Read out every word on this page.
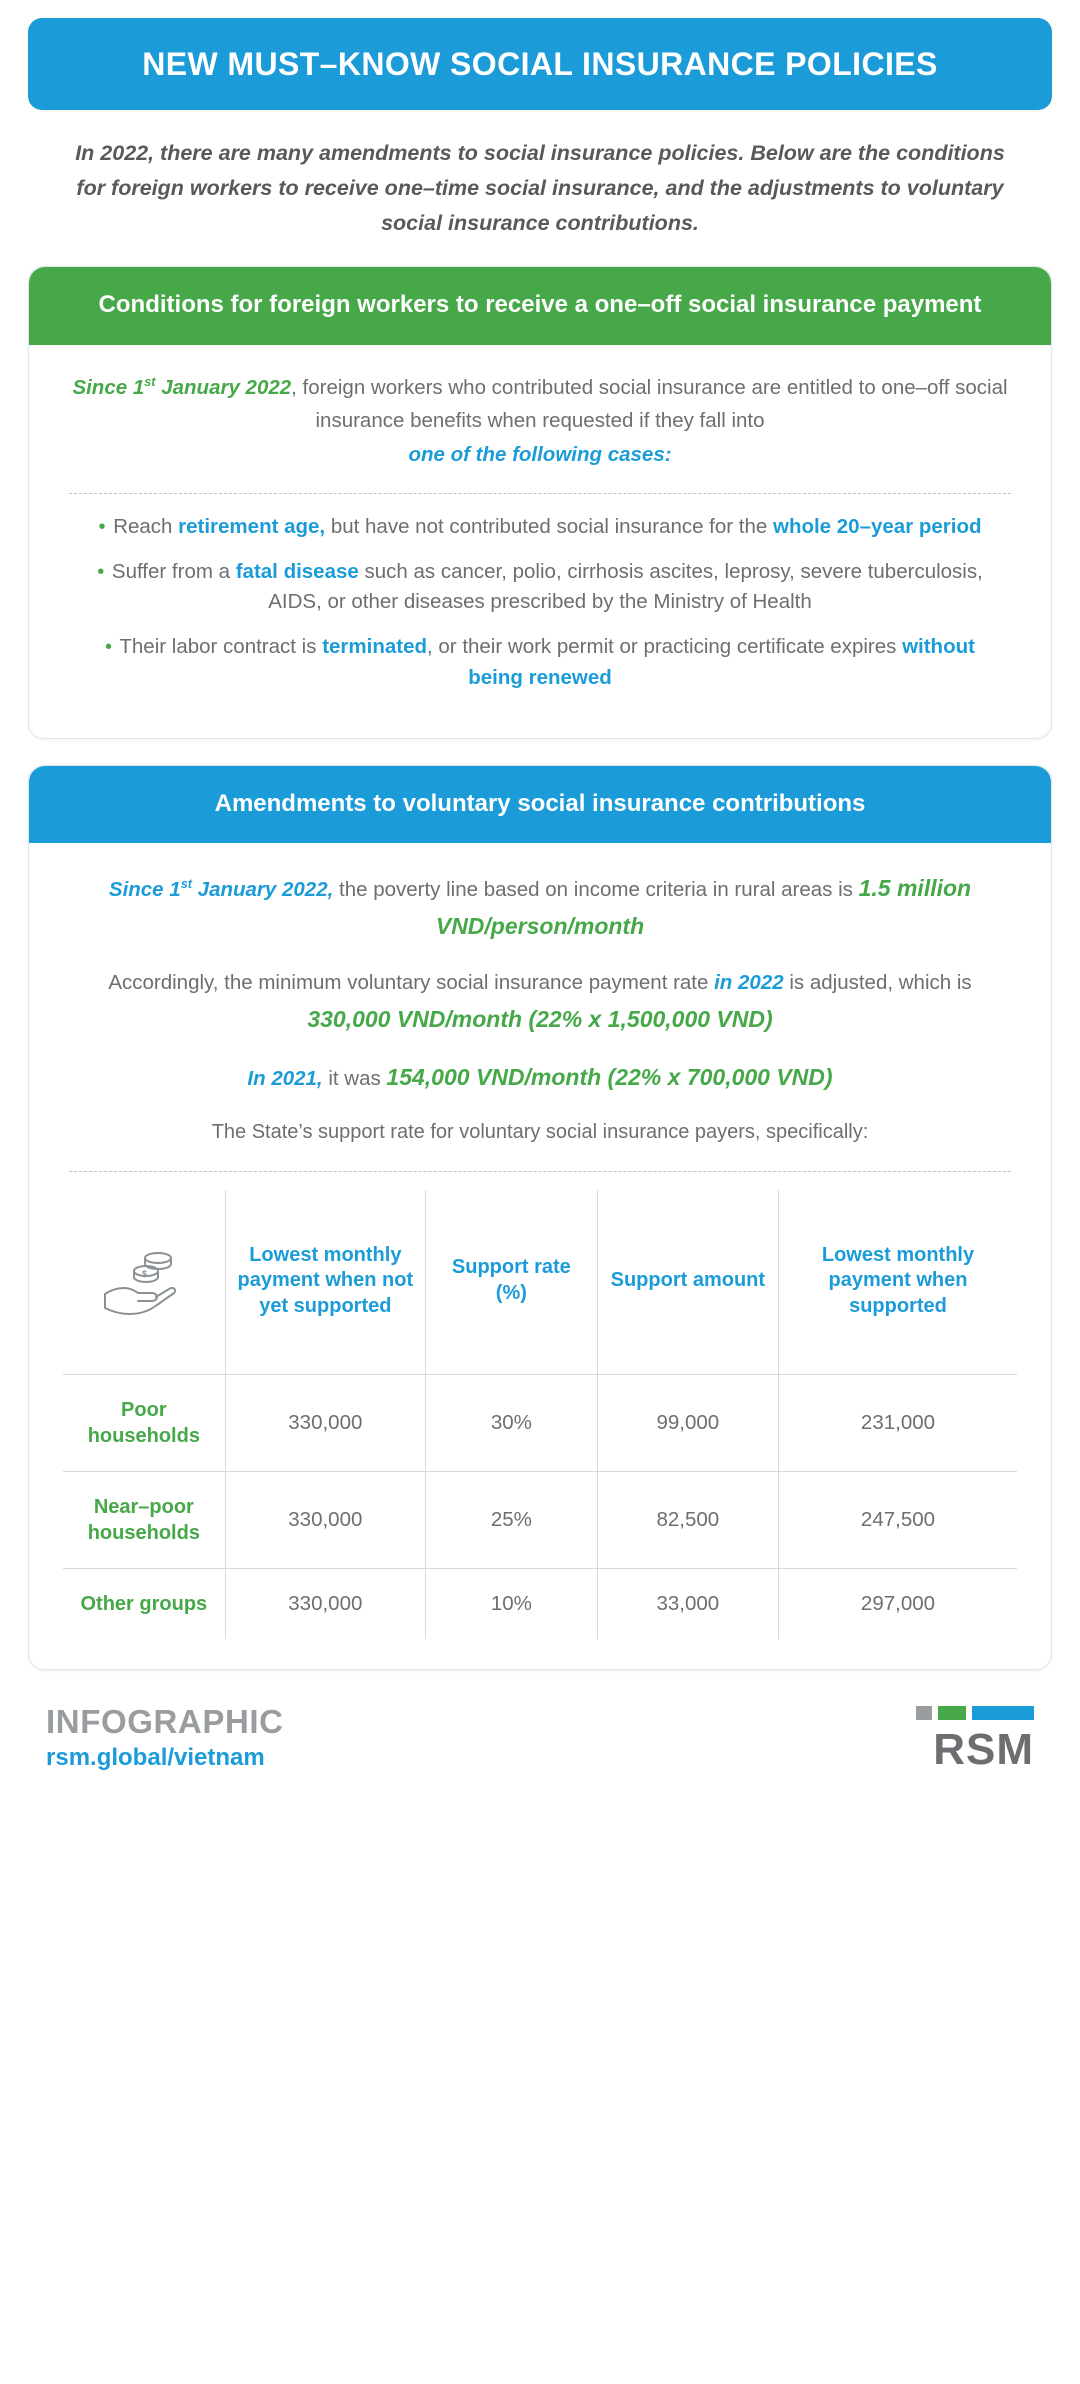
NEW MUST–KNOW SOCIAL INSURANCE POLICIES
In 2022, there are many amendments to social insurance policies. Below are the conditions for foreign workers to receive one–time social insurance, and the adjustments to voluntary social insurance contributions.
Conditions for foreign workers to receive a one–off social insurance payment
Since 1st January 2022, foreign workers who contributed social insurance are entitled to one–off social insurance benefits when requested if they fall into
one of the following cases:
• Reach retirement age, but have not contributed social insurance for the whole 20–year period
• Suffer from a fatal disease such as cancer, polio, cirrhosis ascites, leprosy, severe tuberculosis, AIDS, or other diseases prescribed by the Ministry of Health
• Their labor contract is terminated, or their work permit or practicing certificate expires without being renewed
Amendments to voluntary social insurance contributions

Since 1st January 2022, the poverty line based on income criteria in rural areas is 1.5 million VND/person/month

Accordingly, the minimum voluntary social insurance payment rate in 2022 is adjusted, which is 330,000 VND/month (22% x 1,500,000 VND)

In 2021, it was 154,000 VND/month (22% x 700,000 VND)

The State’s support rate for voluntary social insurance payers, specifically:

$	Lowest monthly payment when not yet supported	Support rate (%)	Support amount	Lowest monthly payment when supported
Poor households	330,000	30%	99,000	231,000
Near–poor households	330,000	25%	82,500	247,500
Other groups	330,000	10%	33,000	297,000
INFOGRAPHIC
rsm.global/vietnam	RSM
